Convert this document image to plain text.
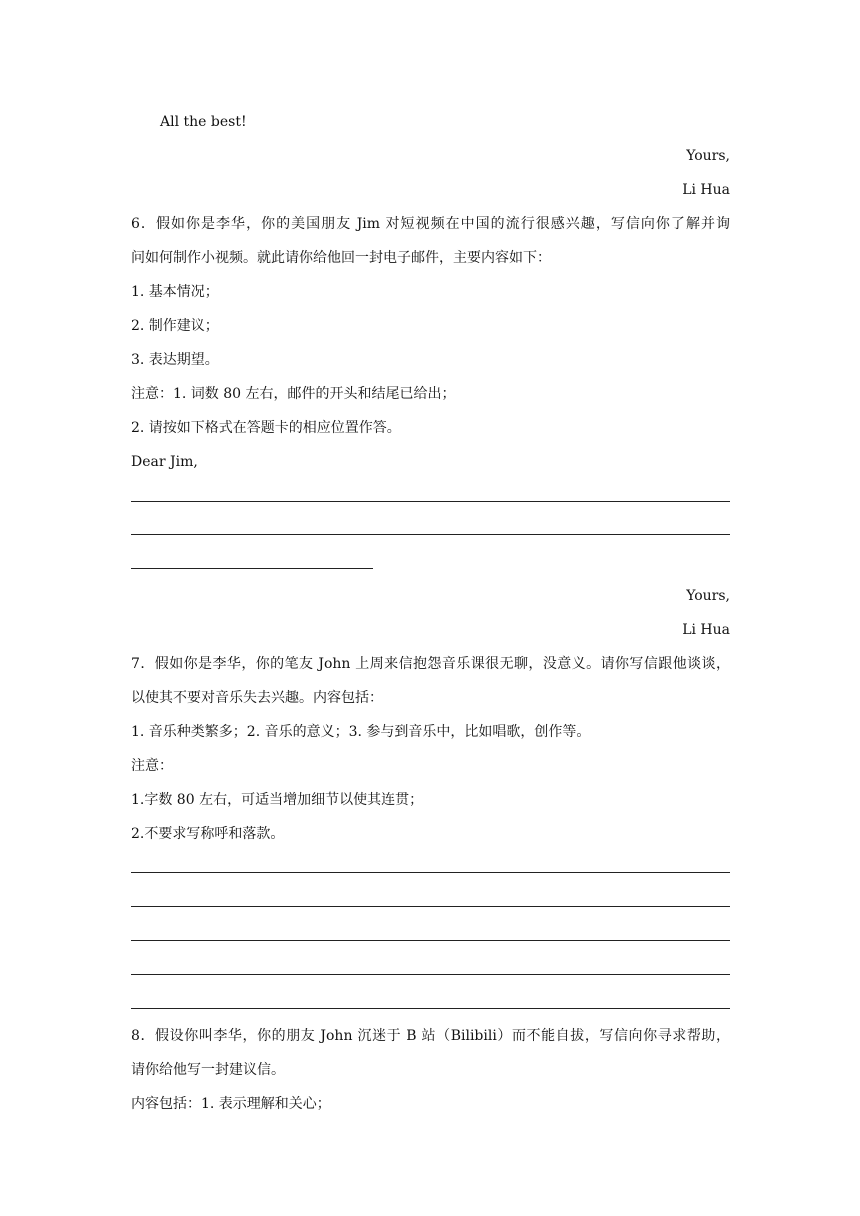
All the best!
Yours,
Li Hua
6．假如你是李华，你的美国朋友 Jim 对短视频在中国的流行很感兴趣，写信向你了解并询
问如何制作小视频。就此请你给他回一封电子邮件，主要内容如下：
1. 基本情况；
2. 制作建议；
3. 表达期望。
注意：1. 词数 80 左右，邮件的开头和结尾已给出；
2. 请按如下格式在答题卡的相应位置作答。
Dear Jim,
Yours,
Li Hua
7．假如你是李华，你的笔友 John 上周来信抱怨音乐课很无聊，没意义。请你写信跟他谈谈，
以使其不要对音乐失去兴趣。内容包括：
1. 音乐种类繁多；2. 音乐的意义；3. 参与到音乐中，比如唱歌，创作等。
注意：
1.字数 80 左右，可适当增加细节以使其连贯；
2.不要求写称呼和落款。
8．假设你叫李华，你的朋友 John 沉迷于 B 站（Bilibili）而不能自拔，写信向你寻求帮助，
请你给他写一封建议信。
内容包括：1. 表示理解和关心；
